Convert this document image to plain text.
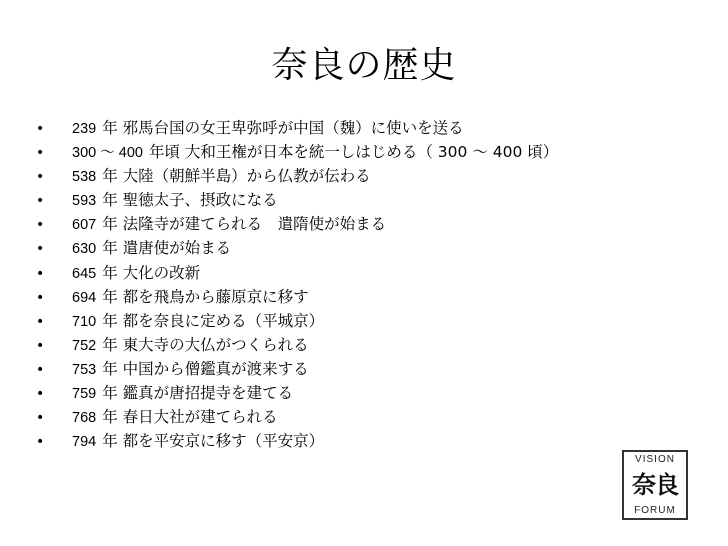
奈良の歴史
•	239 年 邪馬台国の女王卑弥呼が中国（魏）に使いを送る
•	300 ～ 400 年頃 大和王権が日本を統一しはじめる（ 300 ～ 400 頃）
•	538 年 大陸（朝鮮半島）から仏教が伝わる
•	593 年 聖徳太子、摂政になる
•	607 年 法隆寺が建てられる　遣隋使が始まる
•	630 年 遣唐使が始まる
•	645 年 大化の改新
•	694 年 都を飛鳥から藤原京に移す
•	710 年 都を奈良に定める（平城京）
•	752 年 東大寺の大仏がつくられる
•	753 年 中国から僧鑑真が渡来する
•	759 年 鑑真が唐招提寺を建てる
•	768 年 春日大社が建てられる
•	794 年 都を平安京に移す（平安京）
VISION
奈良
FORUM
